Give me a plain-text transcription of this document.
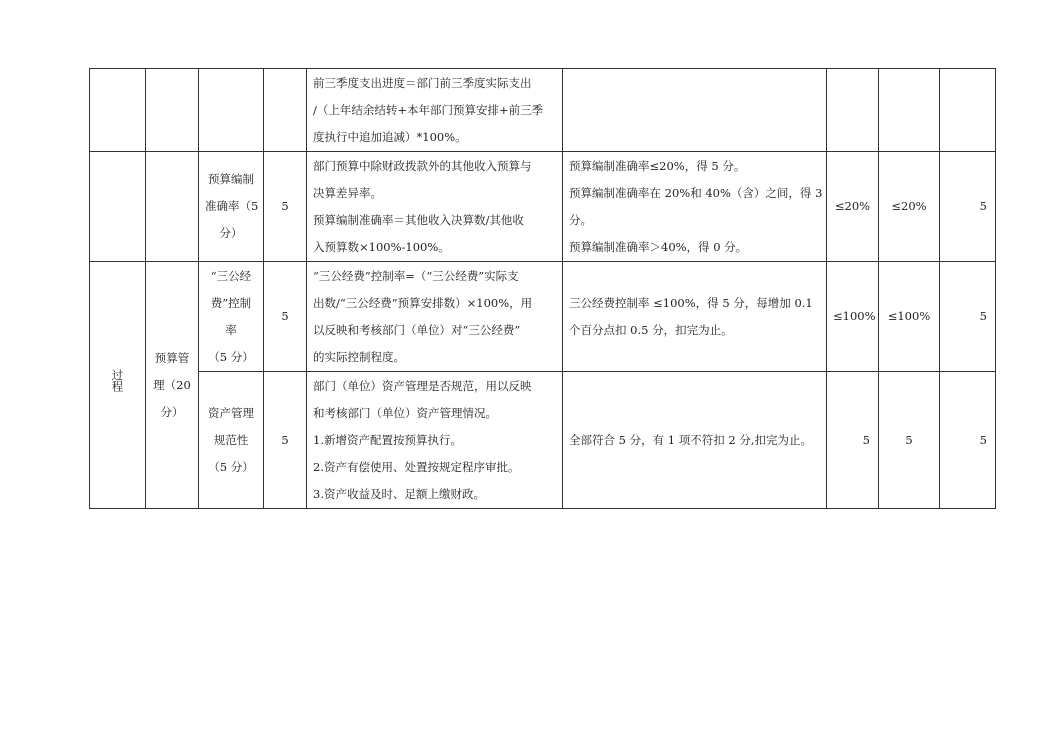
				前三季度支出进度＝部门前三季度实际支出
/（上年结余结转+本年部门预算安排+前三季
度执行中追加追减）*100%。				

		预算编制
准确率（5
分）	5	部门预算中除财政拨款外的其他收入预算与
决算差异率。
预算编制准确率＝其他收入决算数/其他收
入预算数×100%-100%。	预算编制准确率≤20%，得 5 分。
预算编制准确率在 20%和 40%（含）之间，得 3
分。
预算编制准确率＞40%，得 0 分。	≤20%	≤20%	5
过程	预算管
理（20
分）	“三公经
费”控制
率
（5 分）	5	“三公经费”控制率=（“三公经费”实际支
出数/“三公经费”预算安排数）×100%，用
以反映和考核部门（单位）对“三公经费”
的实际控制程度。	三公经费控制率 ≤100%，得 5 分，每增加 0.1
个百分点扣 0.5 分，扣完为止。	≤100%	≤100%	5

		资产管理
规范性
（5 分）	5	部门（单位）资产管理是否规范，用以反映
和考核部门（单位）资产管理情况。
1.新增资产配置按预算执行。
2.资产有偿使用、处置按规定程序审批。
3.资产收益及时、足额上缴财政。	全部符合 5 分，有 1 项不符扣 2 分,扣完为止。	5	5	5
